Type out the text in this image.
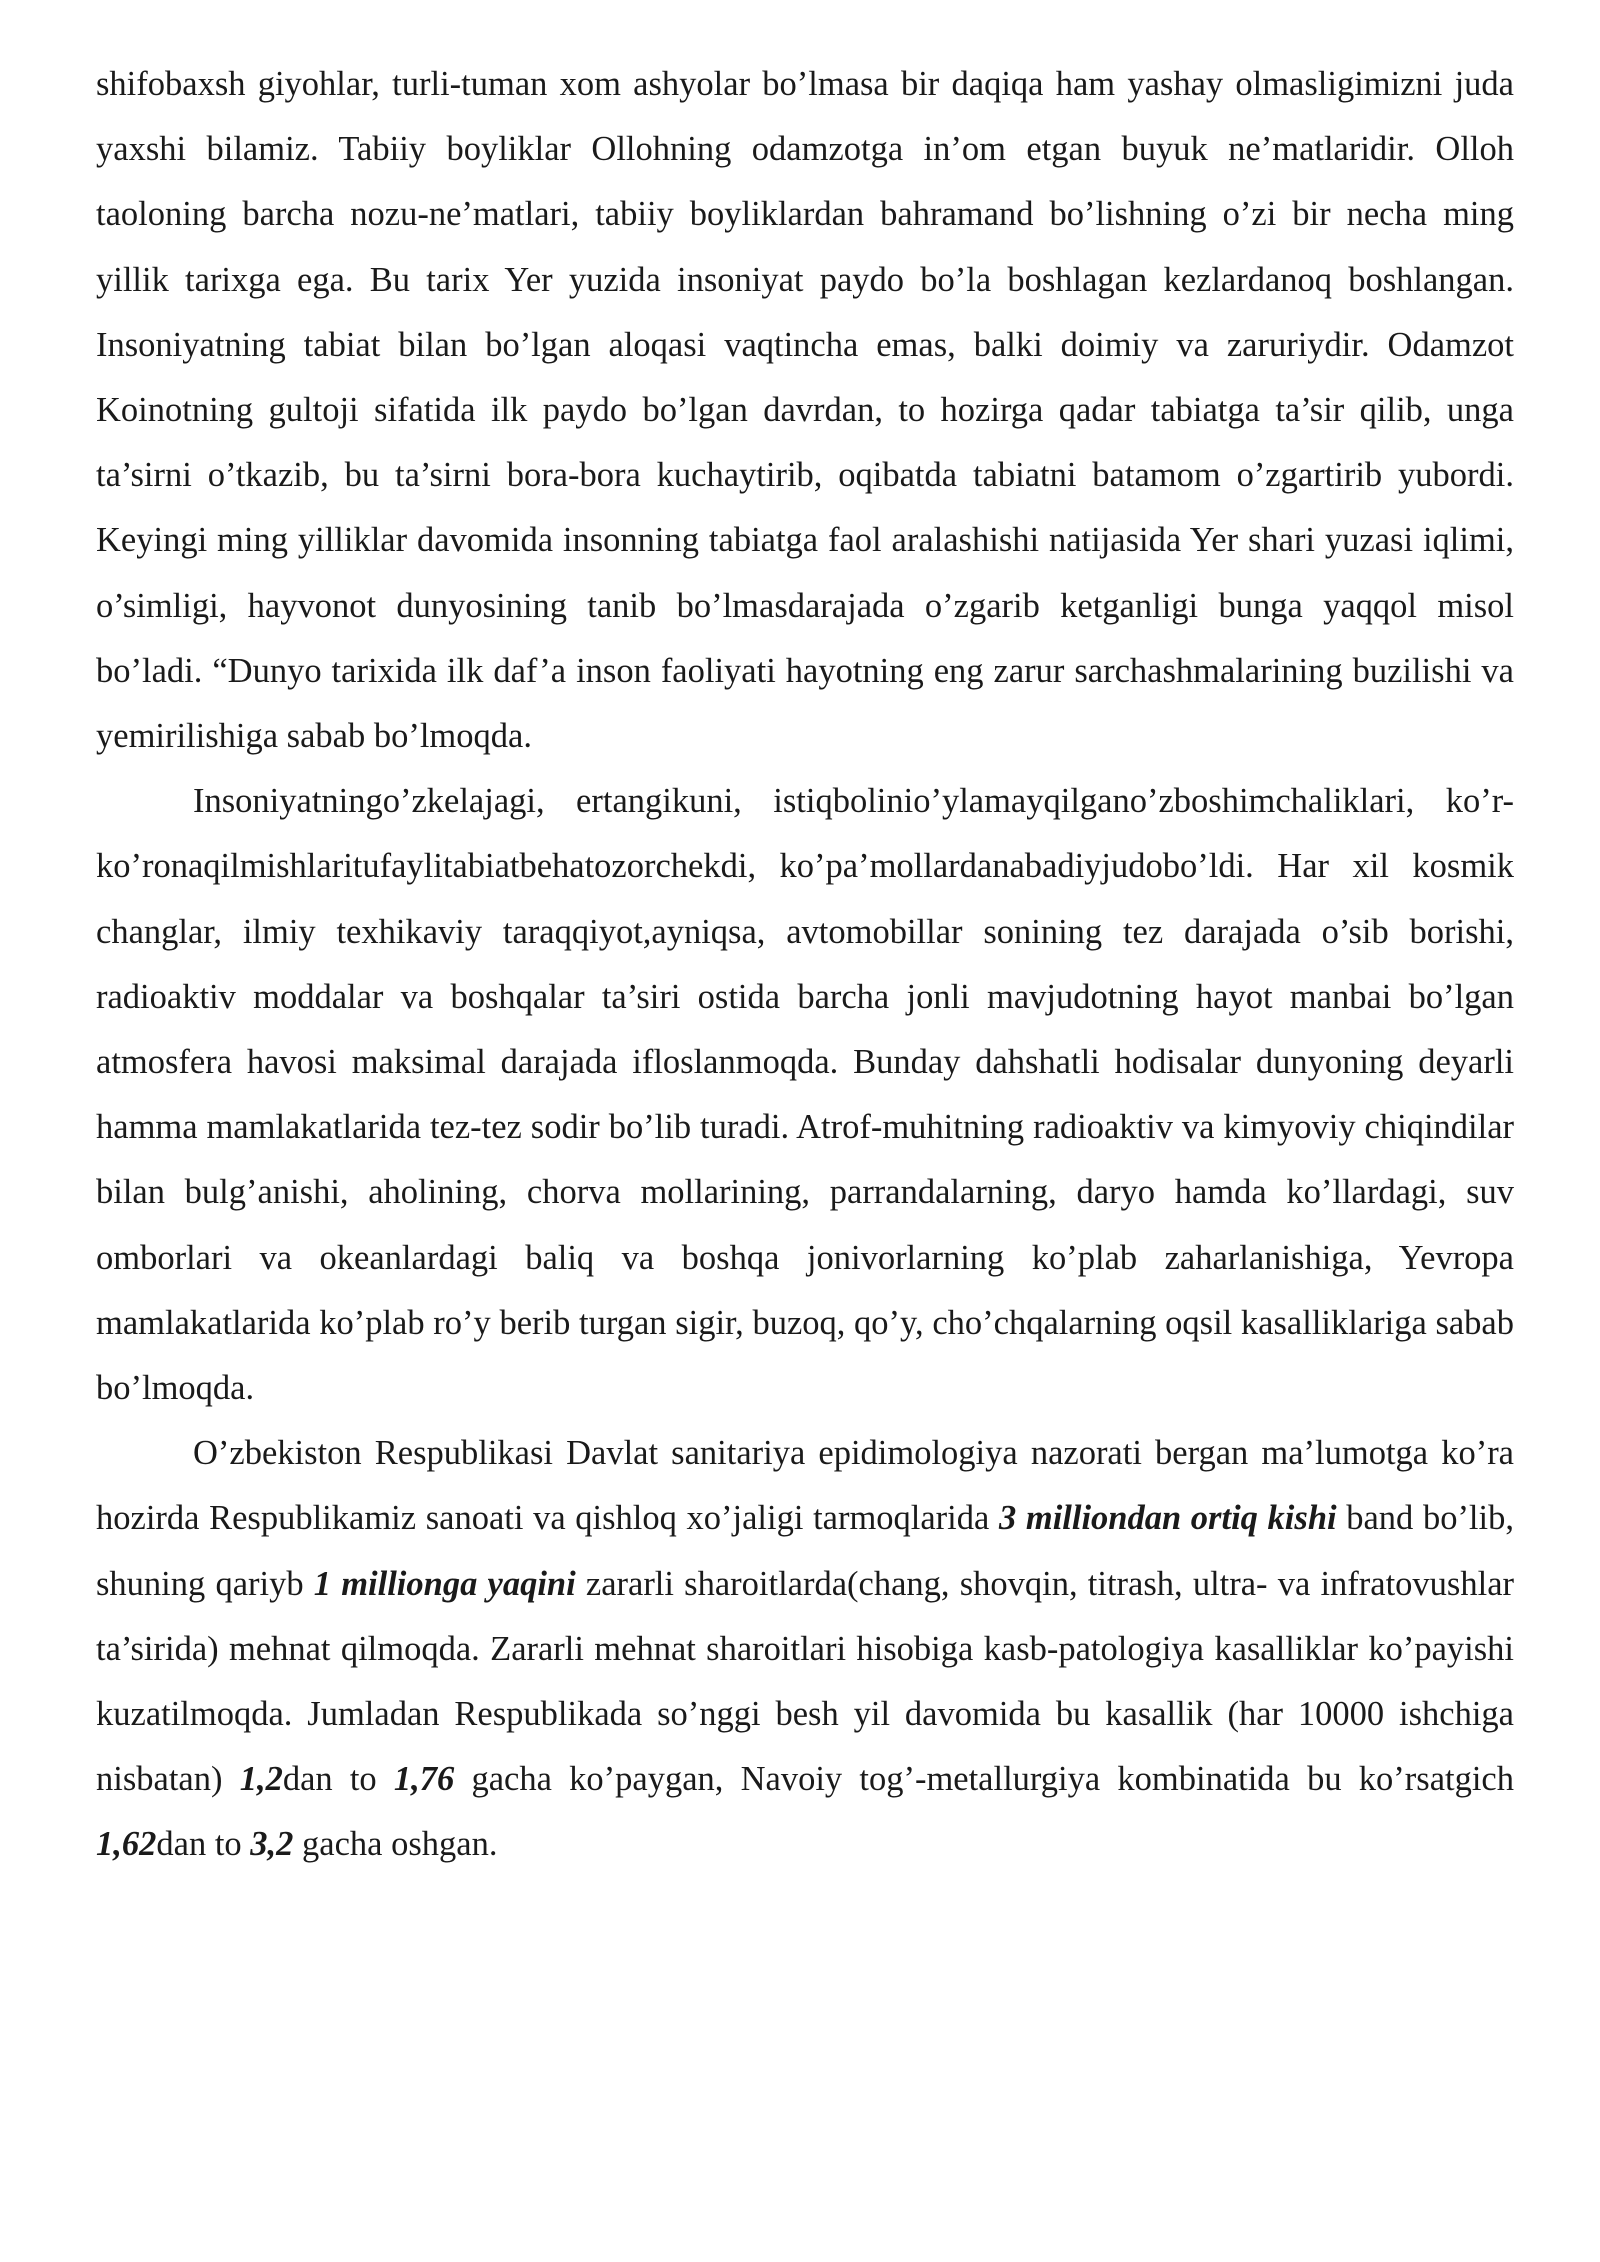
shifobaxsh giyohlar, turli-tuman xom ashyolar bo’lmasa bir daqiqa ham yashay olmasligimizni juda yaxshi bilamiz. Tabiiy boyliklar Ollohning odamzotga in’om etgan buyuk ne’matlaridir. Olloh taoloning barcha nozu-ne’matlari, tabiiy boyliklardan bahramand bo’lishning o’zi bir necha ming yillik tarixga ega. Bu tarix Yer yuzida insoniyat paydo bo’la boshlagan kezlardanoq boshlangan. Insoniyatning tabiat bilan bo’lgan aloqasi vaqtincha emas, balki doimiy va zaruriydir. Odamzot Koinotning gultoji sifatida ilk paydo bo’lgan davrdan, to hozirga qadar tabiatga ta’sir qilib, unga ta’sirni o’tkazib, bu ta’sirni bora-bora kuchaytirib, oqibatda tabiatni batamom o’zgartirib yubordi. Keyingi ming yilliklar davomida insonning tabiatga faol aralashishi natijasida Yer shari yuzasi iqlimi, o’simligi, hayvonot dunyosining tanib bo’lmasdarajada o’zgarib ketganligi bunga yaqqol misol bo’ladi. “Dunyo tarixida ilk daf’a inson faoliyati hayotning eng zarur sarchashmalarining buzilishi va yemirilishiga sabab bo’lmoqda.

Insoniyatningo’zkelajagi, ertangikuni, istiqbolinio’ylamayqilgano’zboshimchaliklari, ko’r-ko’ronaqilmishlaritufaylitabiatbehatozorchekdi, ko’pa’mollardanabadiyjudobo’ldi. Har xil kosmik changlar, ilmiy texhikaviy taraqqiyot,ayniqsa, avtomobillar sonining tez darajada o’sib borishi, radioaktiv moddalar va boshqalar ta’siri ostida barcha jonli mavjudotning hayot manbai bo’lgan atmosfera havosi maksimal darajada ifloslanmoqda. Bunday dahshatli hodisalar dunyoning deyarli hamma mamlakatlarida tez-tez sodir bo’lib turadi. Atrof-muhitning radioaktiv va kimyoviy chiqindilar bilan bulg’anishi, aholining, chorva mollarining, parrandalarning, daryo hamda ko’llardagi, suv omborlari va okeanlardagi baliq va boshqa jonivorlarning ko’plab zaharlanishiga, Yevropa mamlakatlarida ko’plab ro’y berib turgan sigir, buzoq, qo’y, cho’chqalarning oqsil kasalliklariga sabab bo’lmoqda.

O’zbekiston Respublikasi Davlat sanitariya epidimologiya nazorati bergan ma’lumotga ko’ra hozirda Respublikamiz sanoati va qishloq xo’jaligi tarmoqlarida 3 milliondan ortiq kishi band bo’lib, shuning qariyb 1 millionga yaqini zararli sharoitlarda(chang, shovqin, titrash, ultra- va infratovushlar ta’sirida) mehnat qilmoqda. Zararli mehnat sharoitlari hisobiga kasb-patologiya kasalliklar ko’payishi kuzatilmoqda. Jumladan Respublikada so’nggi besh yil davomida bu kasallik (har 10000 ishchiga nisbatan) 1,2dan to 1,76 gacha ko’paygan, Navoiy tog’-metallurgiya kombinatida bu ko’rsatgich 1,62dan to 3,2 gacha oshgan.
